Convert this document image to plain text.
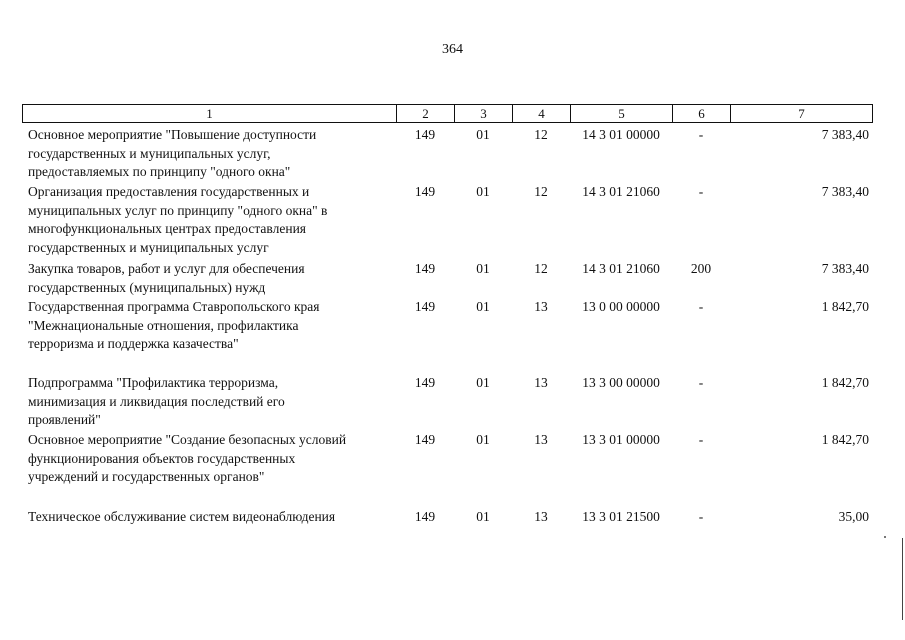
364
1	2	3	4	5	6	7
Основное мероприятие "Повышение доступности
государственных и муниципальных услуг,
предоставляемых по принципу "одного окна"
149	01	12	14 3 01 00000	-	7 383,40
Организация предоставления государственных и
муниципальных услуг по принципу "одного окна" в
многофункциональных центрах предоставления
государственных и муниципальных услуг
149	01	12	14 3 01 21060	-	7 383,40
Закупка товаров, работ и услуг для обеспечения
государственных (муниципальных) нужд
149	01	12	14 3 01 21060	200	7 383,40
Государственная программа Ставропольского края
"Межнациональные отношения, профилактика
терроризма и поддержка казачества"
149	01	13	13 0 00 00000	-	1 842,70
Подпрограмма "Профилактика терроризма,
минимизация и ликвидация последствий его
проявлений"
149	01	13	13 3 00 00000	-	1 842,70
Основное мероприятие "Создание безопасных условий
функционирования объектов государственных
учреждений и государственных органов"
149	01	13	13 3 01 00000	-	1 842,70
Техническое обслуживание систем видеонаблюдения	149	01	13	13 3 01 21500	-	35,00
